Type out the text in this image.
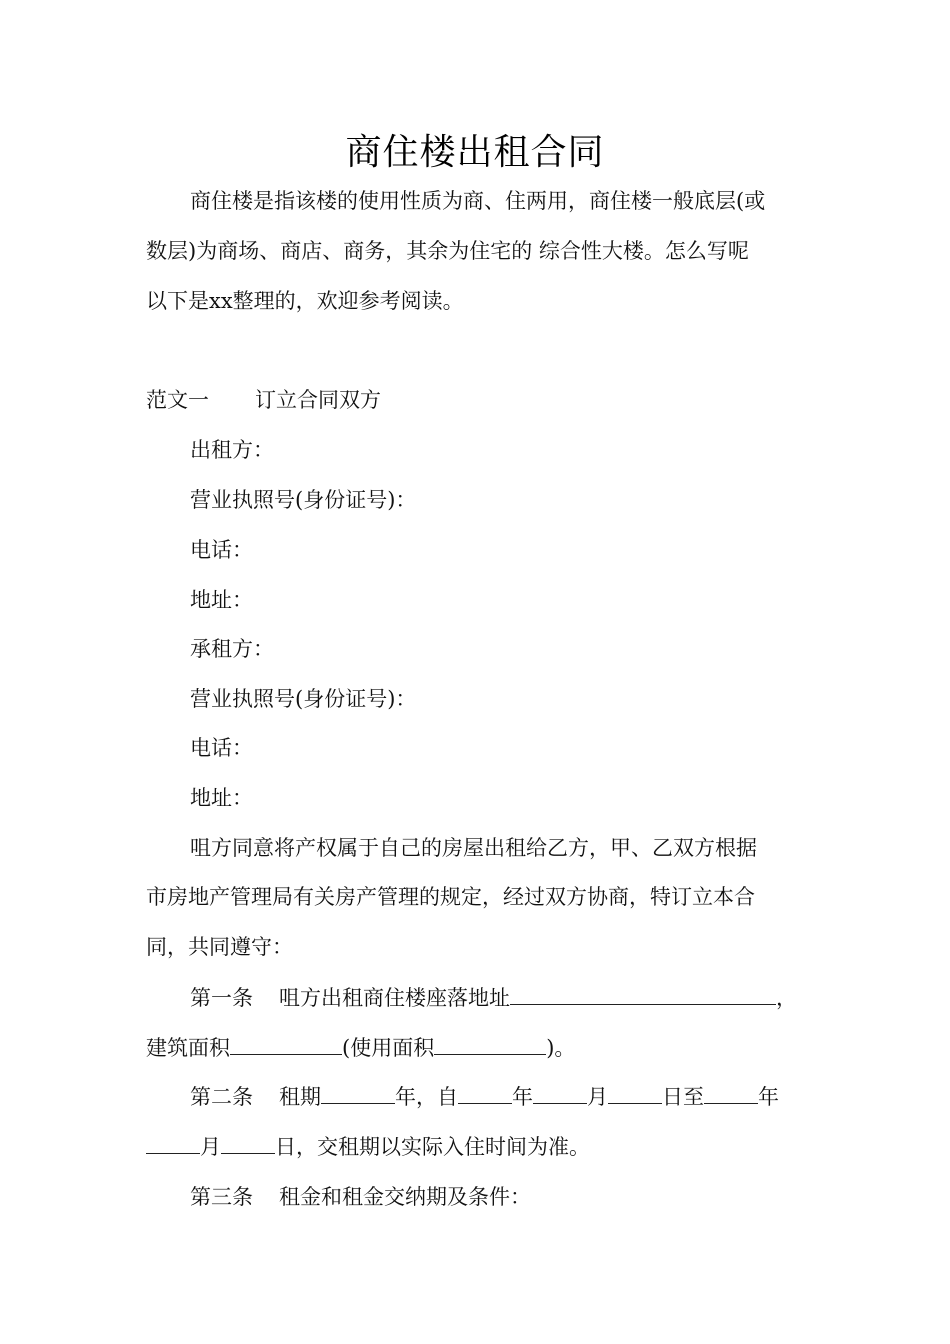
商住楼出租合同
商住楼是指该楼的使用性质为商、住两用，商住楼一般底层(或
数层)为商场、商店、商务，其余为住宅的 综合性大楼。怎么写呢
以下是xx整理的，欢迎参考阅读。
范文一 订立合同双方
出租方：
营业执照号(身份证号)：
电话：
地址：
承租方：
营业执照号(身份证号)：
电话：
地址：
咀方同意将产权属于自己的房屋出租给乙方，甲、乙双方根据
市房地产管理局有关房产管理的规定，经过双方协商，特订立本合
同，共同遵守：
第一条 咀方出租商住楼座落地址	，
建筑面积	(使用面积	)。
第二条 租期	年，自	年	月	日至	年
月	日，交租期以实际入住时间为准。
第三条 租金和租金交纳期及条件：
